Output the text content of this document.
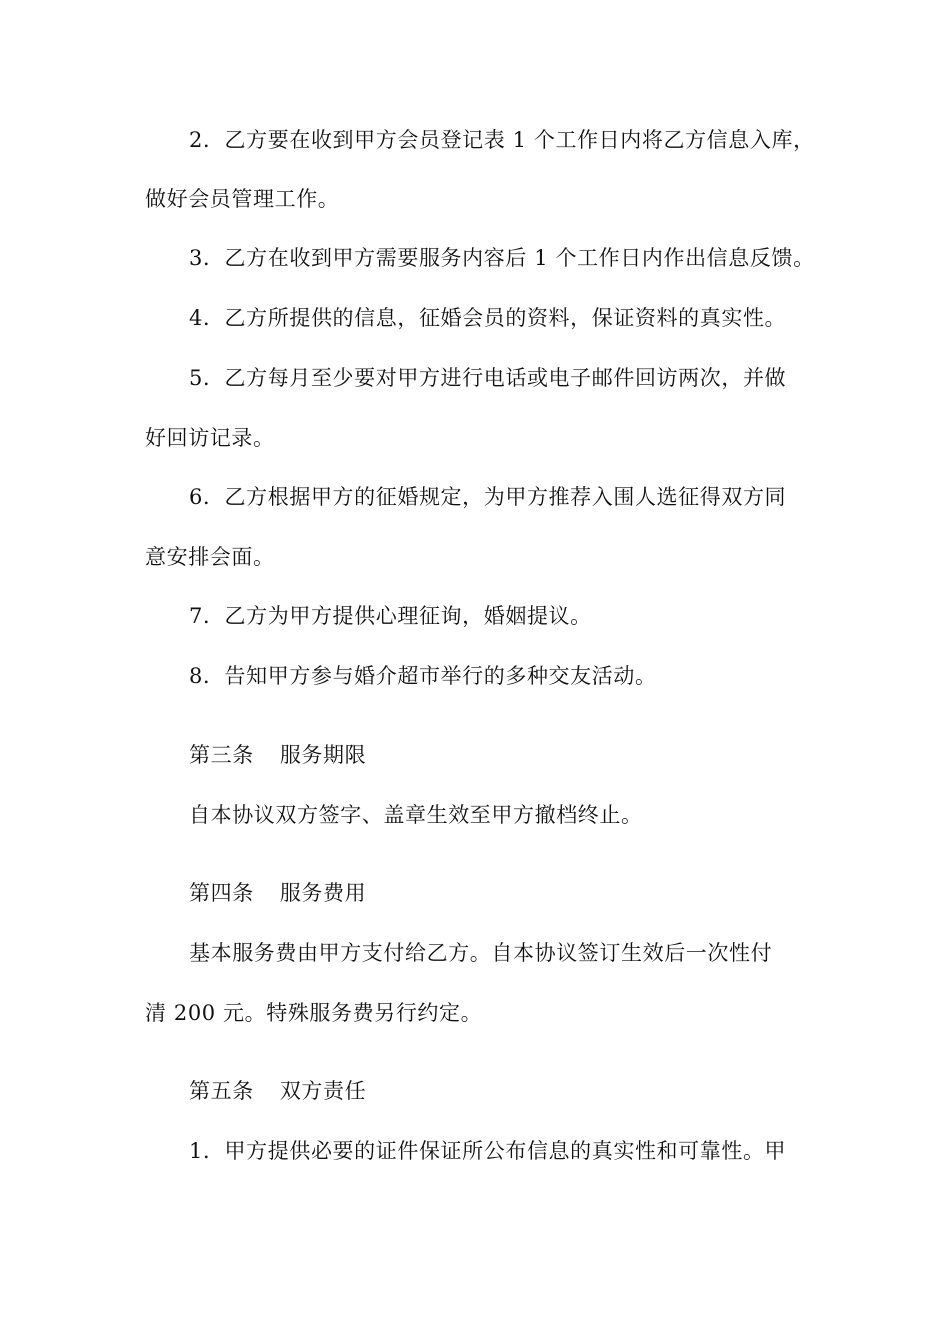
2．乙方要在收到甲方会员登记表 1 个工作日内将乙方信息入库，
做好会员管理工作。
3．乙方在收到甲方需要服务内容后 1 个工作日内作出信息反馈。
4．乙方所提供的信息，征婚会员的资料，保证资料的真实性。
5．乙方每月至少要对甲方进行电话或电子邮件回访两次，并做
好回访记录。
6．乙方根据甲方的征婚规定，为甲方推荐入围人选征得双方同
意安排会面。
7．乙方为甲方提供心理征询，婚姻提议。
8．告知甲方参与婚介超市举行的多种交友活动。
第三条 服务期限
自本协议双方签字、盖章生效至甲方撤档终止。
第四条 服务费用
基本服务费由甲方支付给乙方。自本协议签订生效后一次性付
清 200 元。特殊服务费另行约定。
第五条 双方责任
1．甲方提供必要的证件保证所公布信息的真实性和可靠性。甲
